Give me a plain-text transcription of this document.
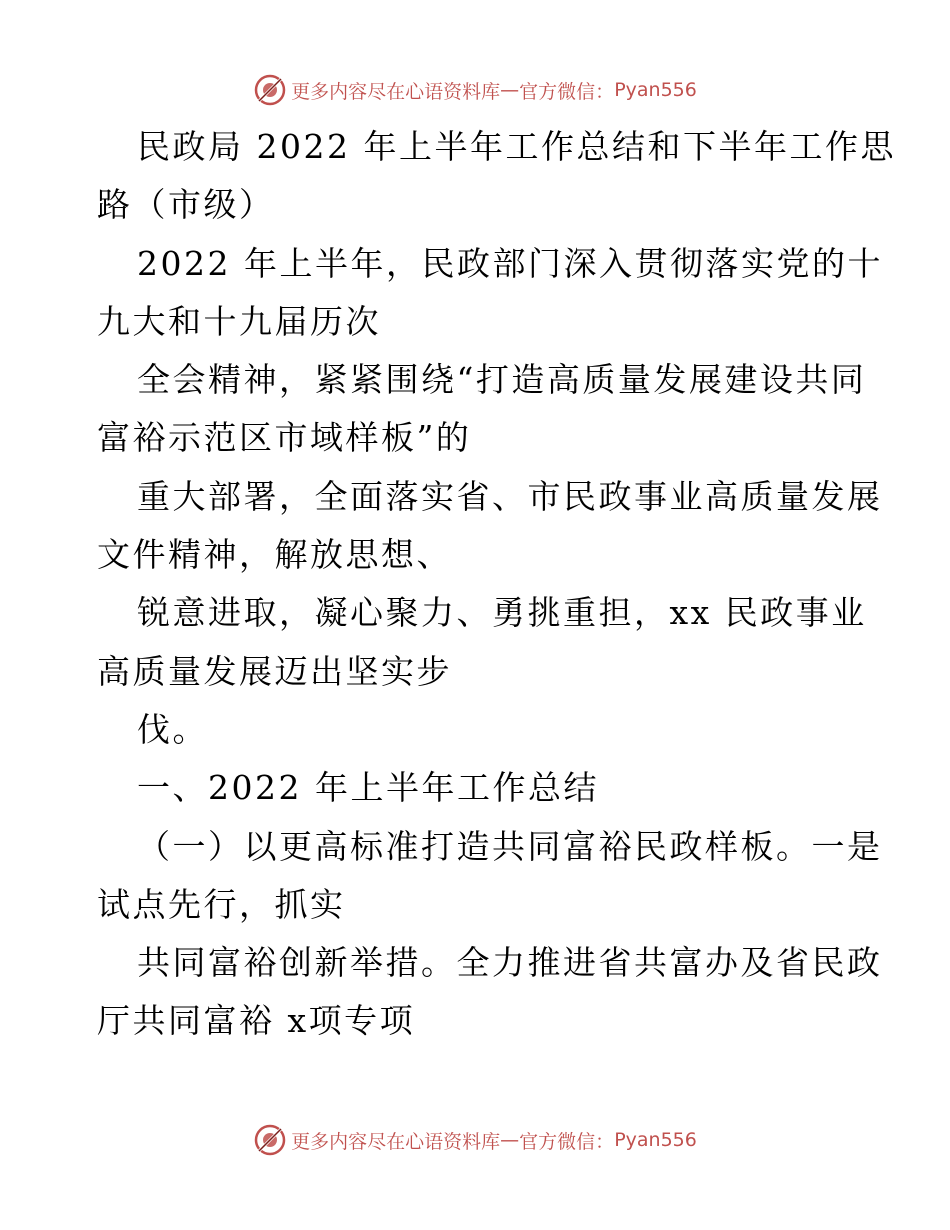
更多内容尽在心语资料库 — 官方微信： Pyan556
民政局 2022 年上半年工作总结和下半年工作思
路（市级）
2022 年上半年，民政部门深入贯彻落实党的十
九大和十九届历次
全会精神，紧紧围绕“打造高质量发展建设共同
富裕示范区市域样板”的
重大部署，全面落实省、市民政事业高质量发展
文件精神，解放思想、
锐意进取，凝心聚力、勇挑重担，xx 民政事业
高质量发展迈出坚实步
伐。
一、2022 年上半年工作总结
（一）以更高标准打造共同富裕民政样板。一是
试点先行，抓实
共同富裕创新举措。全力推进省共富办及省民政
厅共同富裕 x项专项
更多内容尽在心语资料库 — 官方微信： Pyan556
